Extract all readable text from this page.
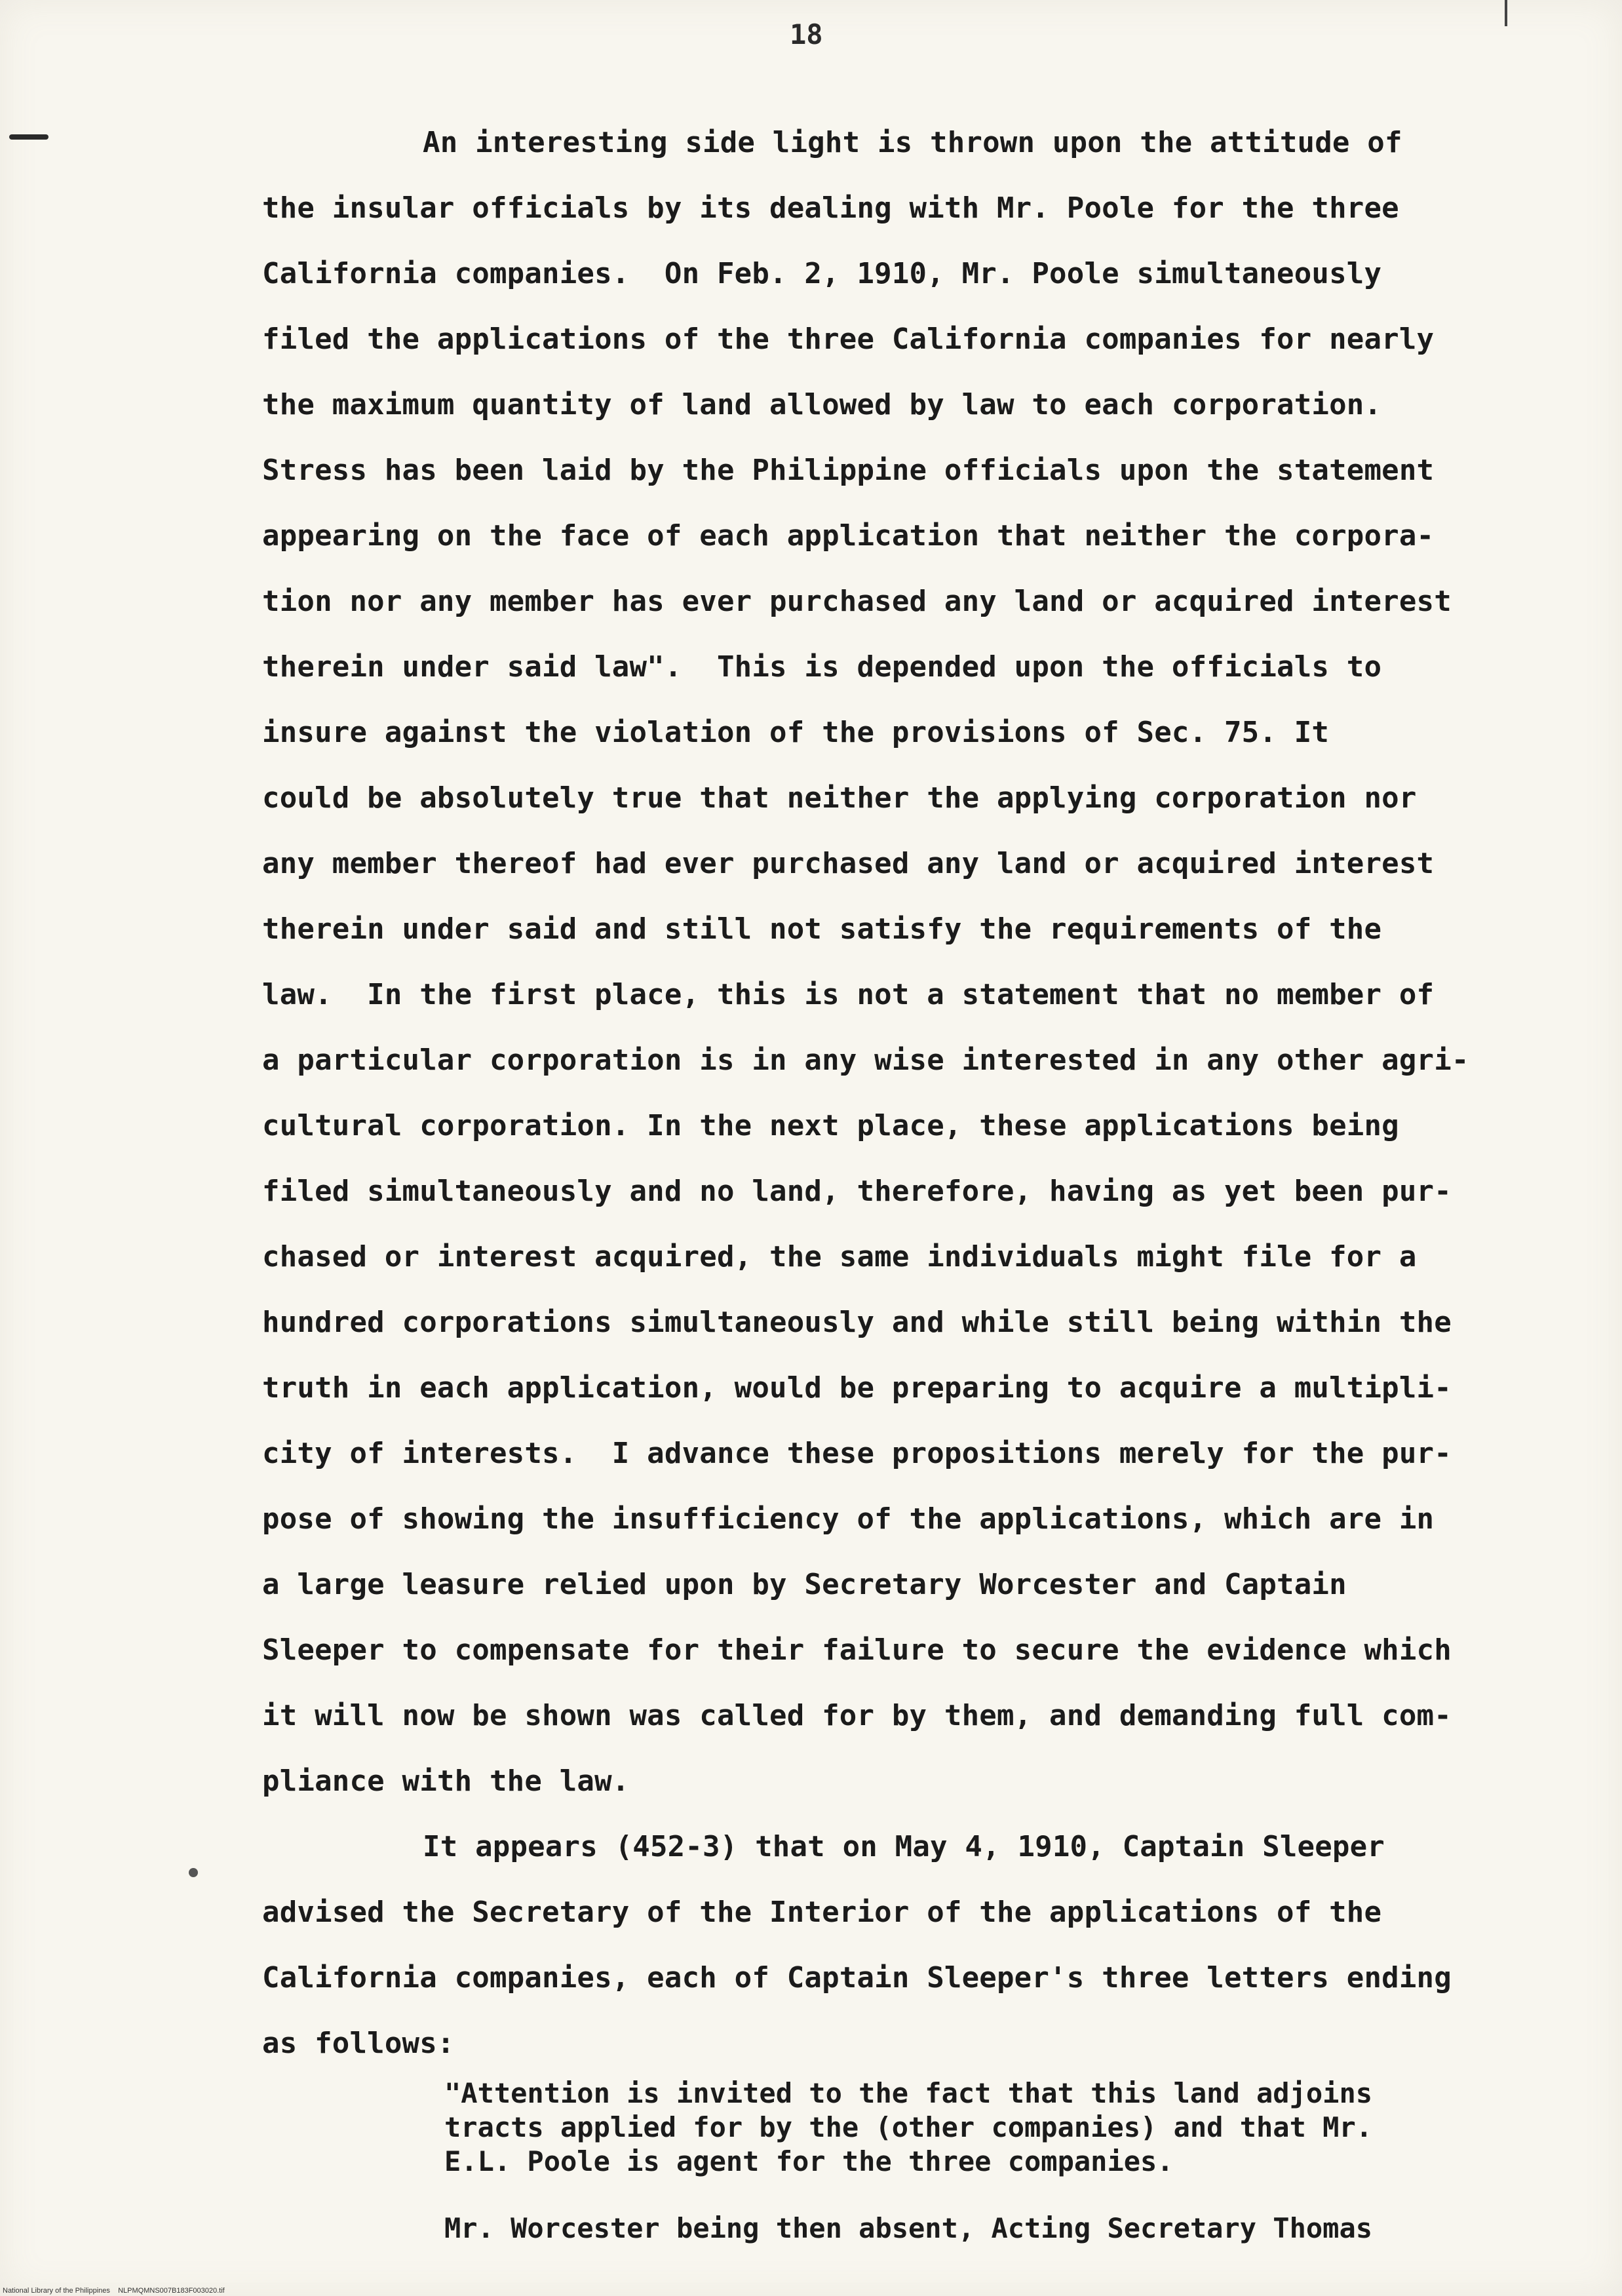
18
An interesting side light is thrown upon the attitude of
the insular officials by its dealing with Mr. Poole for the three
California companies.  On Feb. 2, 1910, Mr. Poole simultaneously
filed the applications of the three California companies for nearly
the maximum quantity of land allowed by law to each corporation.
Stress has been laid by the Philippine officials upon the statement
appearing on the face of each application that neither the corpora-
tion nor any member has ever purchased any land or acquired interest
therein under said law".  This is depended upon the officials to
insure against the violation of the provisions of Sec. 75. It
could be absolutely true that neither the applying corporation nor
any member thereof had ever purchased any land or acquired interest
therein under said and still not satisfy the requirements of the
law.  In the first place, this is not a statement that no member of
a particular corporation is in any wise interested in any other agri-
cultural corporation. In the next place, these applications being
filed simultaneously and no land, therefore, having as yet been pur-
chased or interest acquired, the same individuals might file for a
hundred corporations simultaneously and while still being within the
truth in each application, would be preparing to acquire a multipli-
city of interests.  I advance these propositions merely for the pur-
pose of showing the insufficiency of the applications, which are in
a large leasure relied upon by Secretary Worcester and Captain
Sleeper to compensate for their failure to secure the evidence which
it will now be shown was called for by them, and demanding full com-
pliance with the law.
It appears (452-3) that on May 4, 1910, Captain Sleeper
advised the Secretary of the Interior of the applications of the
California companies, each of Captain Sleeper's three letters ending
as follows:
"Attention is invited to the fact that this land adjoins
tracts applied for by the (other companies) and that Mr.
E.L. Poole is agent for the three companies.
Mr. Worcester being then absent, Acting Secretary Thomas
National Library of the Philippines    NLPMQMNS007B183F003020.tif
